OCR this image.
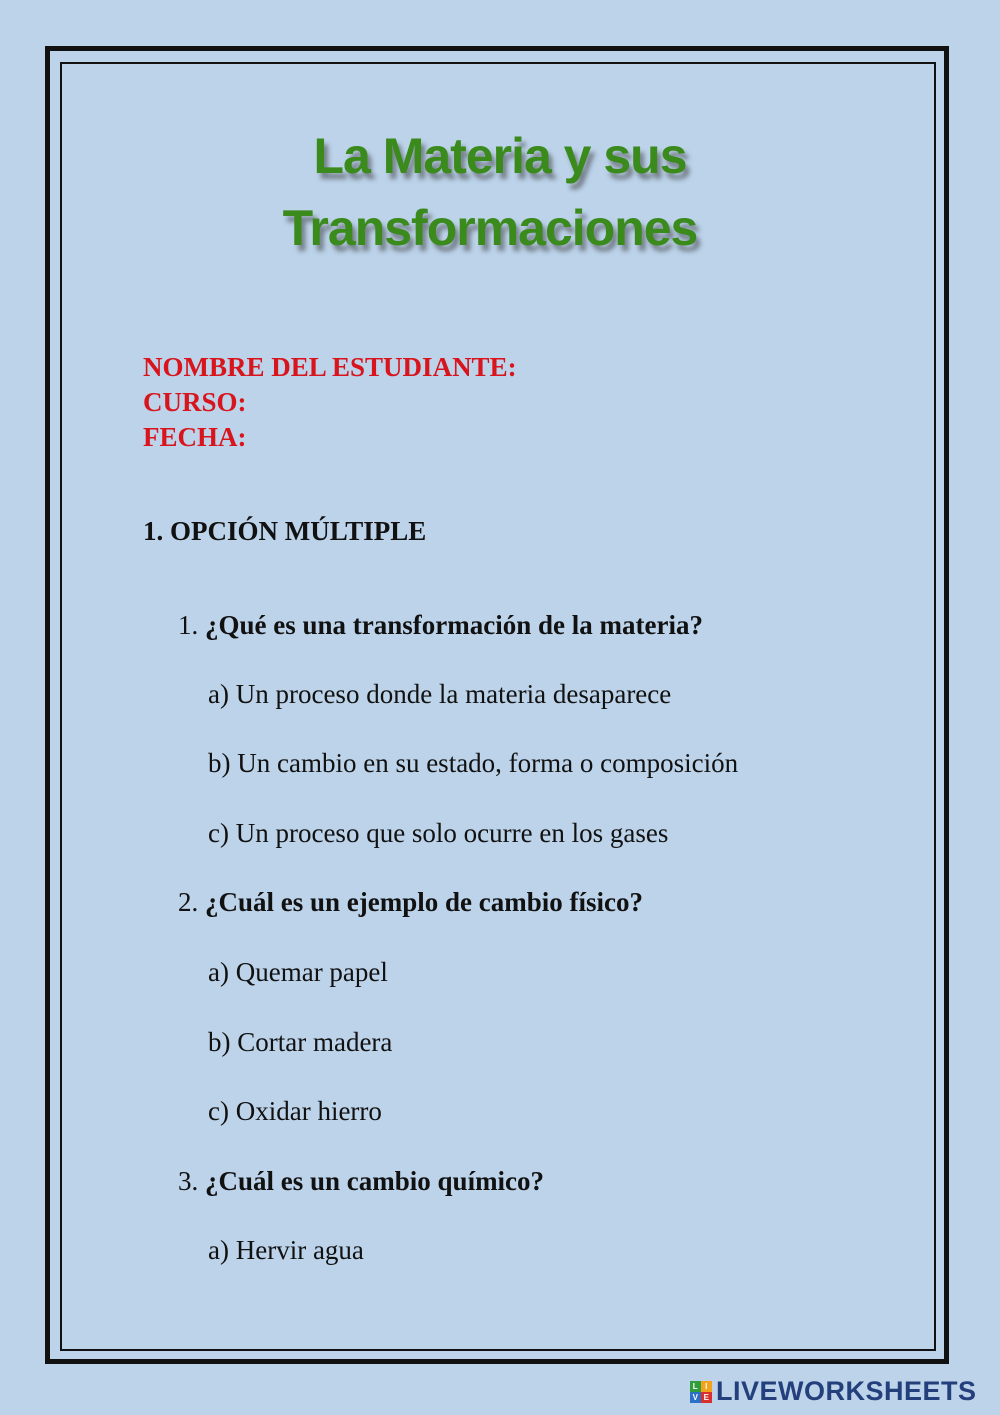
La Materia y sus
Transformaciones
NOMBRE DEL ESTUDIANTE:
CURSO:
FECHA:
1. OPCIÓN MÚLTIPLE
1. ¿Qué es una transformación de la materia?
a) Un proceso donde la materia desaparece
b) Un cambio en su estado, forma o composición
c) Un proceso que solo ocurre en los gases
2. ¿Cuál es un ejemplo de cambio físico?
a) Quemar papel
b) Cortar madera
c) Oxidar hierro
3. ¿Cuál es un cambio químico?
a) Hervir agua
L I
V E LIVEWORKSHEETS
